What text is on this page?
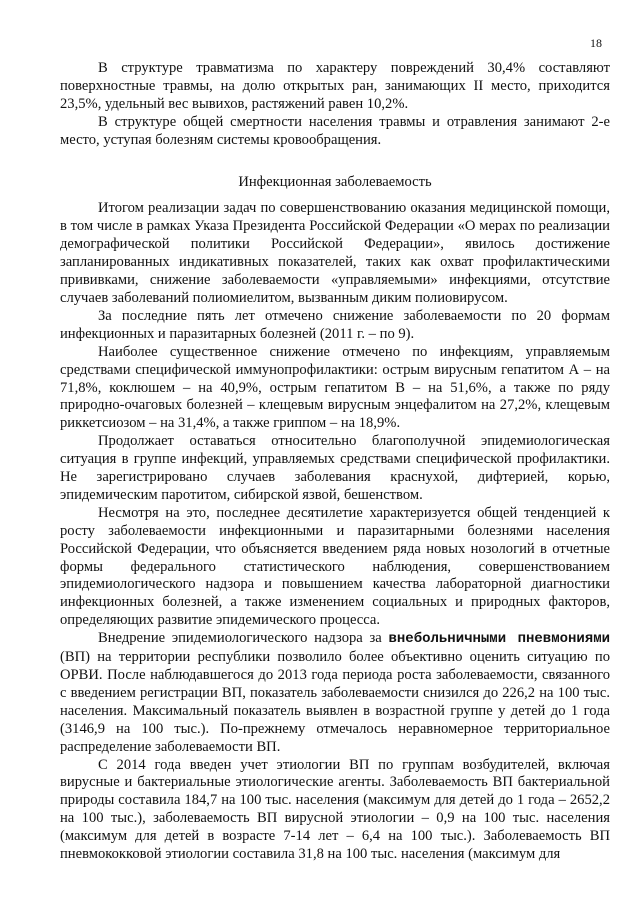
18

В структуре травматизма по характеру повреждений 30,4% составляют поверхностные травмы, на долю открытых ран, занимающих II место, приходится 23,5%, удельный вес вывихов, растяжений равен 10,2%.

В структуре общей смертности населения травмы и отравления занимают 2-е место, уступая болезням системы кровообращения.

Инфекционная заболеваемость

Итогом реализации задач по совершенствованию оказания медицинской помощи, в том числе в рамках Указа Президента Российской Федерации «О мерах по реализации демографической политики Российской Федерации», явилось достижение запланированных индикативных показателей, таких как охват профилактическими прививками, снижение заболеваемости «управляемыми» инфекциями, отсутствие случаев заболеваний полиомиелитом, вызванным диким полиовирусом.

За последние пять лет отмечено снижение заболеваемости по 20 формам инфекционных и паразитарных болезней (2011 г. – по 9).

Наиболее существенное снижение отмечено по инфекциям, управляемым средствами специфической иммунопрофилактики: острым вирусным гепатитом А – на 71,8%, коклюшем – на 40,9%, острым гепатитом В – на 51,6%, а также по ряду природно-очаговых болезней – клещевым вирусным энцефалитом на 27,2%, клещевым риккетсиозом – на 31,4%, а также гриппом – на 18,9%.

Продолжает оставаться относительно благополучной эпидемиологическая ситуация в группе инфекций, управляемых средствами специфической профилактики. Не зарегистрировано случаев заболевания краснухой, дифтерией, корью, эпидемическим паротитом, сибирской язвой, бешенством.

Несмотря на это, последнее десятилетие характеризуется общей тенденцией к росту заболеваемости инфекционными и паразитарными болезнями населения Российской Федерации, что объясняется введением ряда новых нозологий в отчетные формы федерального статистического наблюдения, совершенствованием эпидемиологического надзора и повышением качества лабораторной диагностики инфекционных болезней, а также изменением социальных и природных факторов, определяющих развитие эпидемического процесса.

Внедрение эпидемиологического надзора за внебольничными пневмониями (ВП) на территории республики позволило более объективно оценить ситуацию по ОРВИ. После наблюдавшегося до 2013 года периода роста заболеваемости, связанного с введением регистрации ВП, показатель заболеваемости снизился до 226,2 на 100 тыс. населения. Максимальный показатель выявлен в возрастной группе у детей до 1 года (3146,9 на 100 тыс.). По-прежнему отмечалось неравномерное территориальное распределение заболеваемости ВП.

С 2014 года введен учет этиологии ВП по группам возбудителей, включая вирусные и бактериальные этиологические агенты. Заболеваемость ВП бактериальной природы составила 184,7 на 100 тыс. населения (максимум для детей до 1 года – 2652,2 на 100 тыс.), заболеваемость ВП вирусной этиологии – 0,9 на 100 тыс. населения (максимум для детей в возрасте 7-14 лет – 6,4 на 100 тыс.). Заболеваемость ВП пневмококковой этиологии составила 31,8 на 100 тыс. населения (максимум для
